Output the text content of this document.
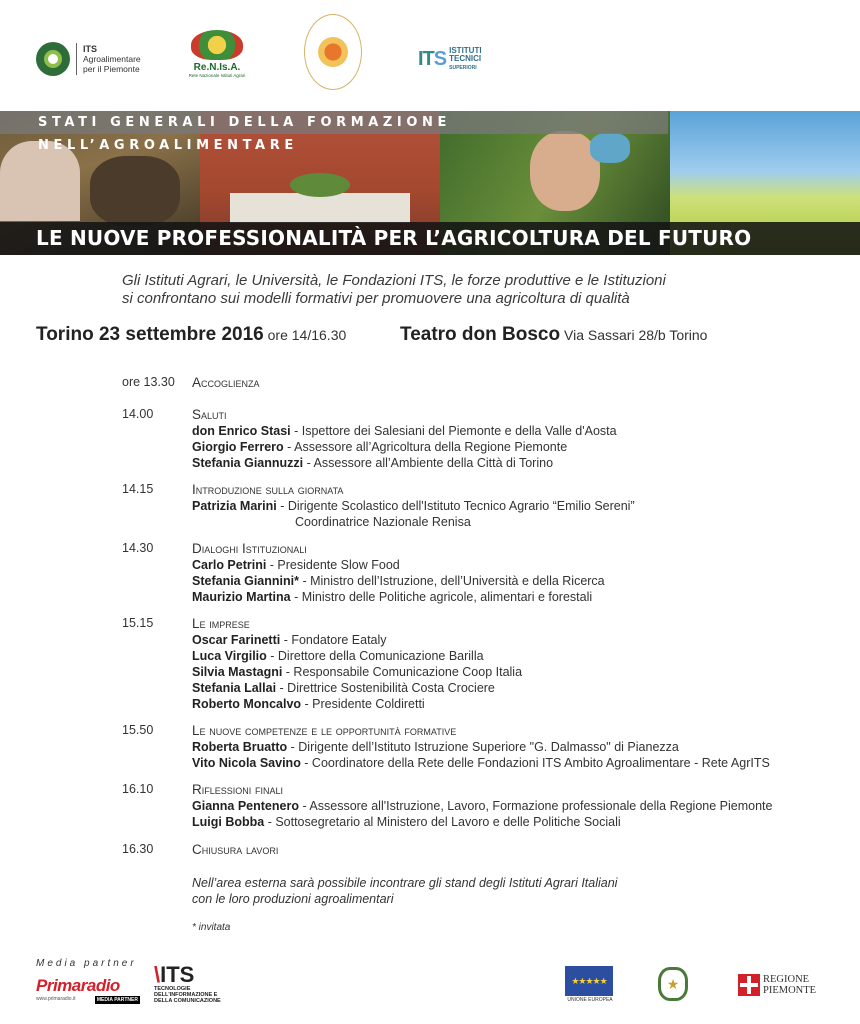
ITS
Agroalimentare
per il Piemonte	Re.N.Is.A.
Rete Nazionale Istituti Agrari
ITS ISTITUTI
TECNICI
SUPERIORI
STATI GENERALI DELLA FORMAZIONE NELL’AGROALIMENTARE
LE NUOVE PROFESSIONALITÀ PER L’AGRICOLTURA DEL FUTURO
Gli Istituti Agrari, le Università, le Fondazioni ITS, le forze produttive e le Istituzioni
si confrontano sui modelli formativi per promuovere una agricoltura di qualità
Torino 23 settembre 2016 ore 14/16.30	Teatro don Bosco Via Sassari 28/b Torino
ore 13.30	Accoglienza
14.00	Saluti
don Enrico Stasi - Ispettore dei Salesiani del Piemonte e della Valle d'Aosta
Giorgio Ferrero - Assessore all’Agricoltura della Regione Piemonte
Stefania Giannuzzi - Assessore all’Ambiente della Città di Torino
14.15	Introduzione sulla giornata
Patrizia Marini - Dirigente Scolastico dell'Istituto Tecnico Agrario “Emilio Sereni”
Coordinatrice Nazionale Renisa
14.30	Dialoghi Istituzionali
Carlo Petrini - Presidente Slow Food
Stefania Giannini* - Ministro dell’Istruzione, dell’Università e della Ricerca
Maurizio Martina - Ministro delle Politiche agricole, alimentari e forestali
15.15	Le imprese
Oscar Farinetti - Fondatore Eataly
Luca Virgilio - Direttore della Comunicazione Barilla
Silvia Mastagni - Responsabile Comunicazione Coop Italia
Stefania Lallai - Direttrice Sostenibilità Costa Crociere
Roberto Moncalvo - Presidente Coldiretti
15.50	Le nuove competenze e le opportunità formative
Roberta Bruatto - Dirigente dell’Istituto Istruzione Superiore "G. Dalmasso" di Pianezza
Vito Nicola Savino - Coordinatore della Rete delle Fondazioni ITS Ambito Agroalimentare - Rete AgrITS
16.10	Riflessioni finali
Gianna Pentenero - Assessore all'Istruzione, Lavoro, Formazione professionale della Regione Piemonte
Luigi Bobba - Sottosegretario al Ministero del Lavoro e delle Politiche Sociali
16.30	Chiusura lavori
Nell’area esterna sarà possibile incontrare gli stand degli Istituti Agrari Italiani
con le loro produzioni agroalimentari
* invitata
Media partner
Primaradio
www.primaradio.it	MEDIA PARTNER
\ITS
TECNOLOGIE
DELL'INFORMAZIONE E
DELLA COMUNICAZIONE
★★★★★
UNIONE EUROPEA
★	REGIONE
PIEMONTE
